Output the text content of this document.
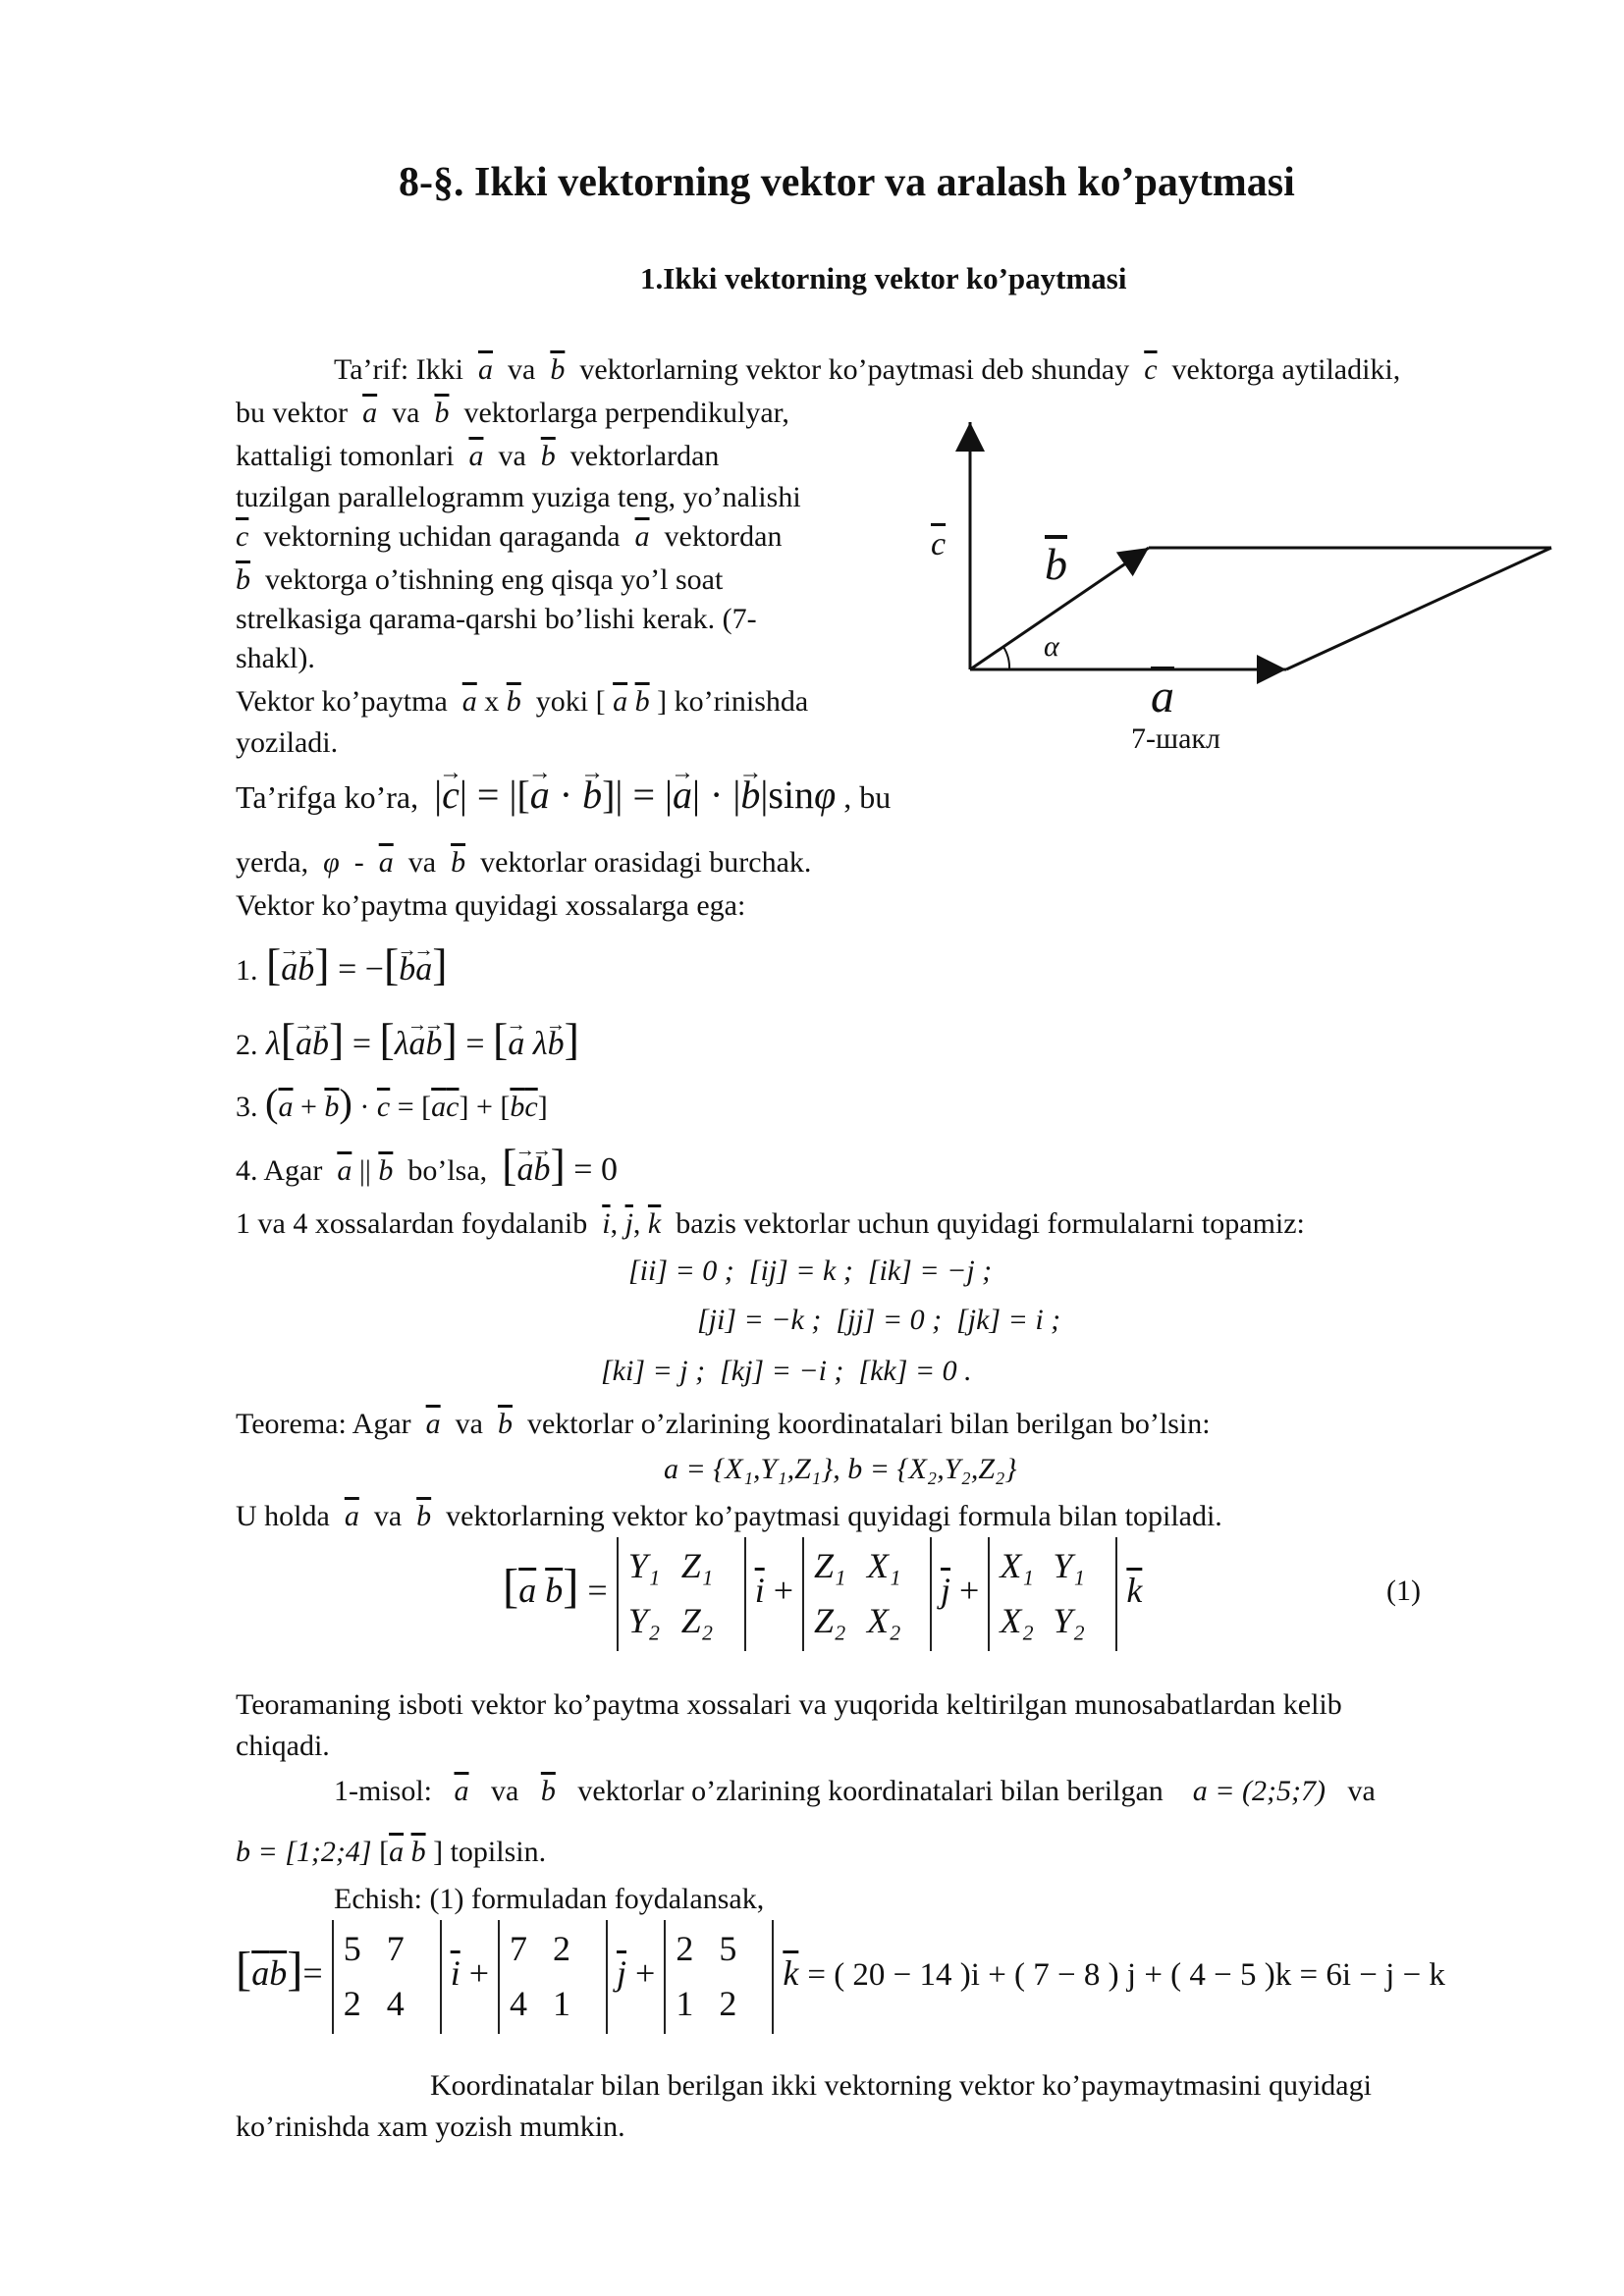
8-§. Ikki vektorning vektor va aralash ko’paytmasi
1.Ikki vektorning vektor ko’paytmasi
Ta’rif: Ikki $\overline{a}$ va $\overline{b}$ vektorlarning vektor ko’paytmasi deb shunday $\overline{c}$ vektorga aytiladiki,
bu vektor $\overline{a}$ va $\overline{b}$ vektorlarga perpendikulyar,
kattaligi tomonlari $\overline{a}$ va $\overline{b}$ vektorlardan
tuzilgan parallelogramm yuziga teng, yo’nalishi
$\overline{c}$ vektorning uchidan qaraganda $\overline{a}$ vektordan
$\overline{b}$ vektorga o’tishning eng qisqa yo’l soat
strelkasiga qarama-qarshi bo’lishi kerak. (7-
shakl).
Vektor ko’paytma $\overline{a}$ x $\overline{b}$ yoki [ $\overline{a}$ $\overline{b}$ ] ko’rinishda
yoziladi.
Ta’rifga ko’ra, |→ c| = |[→ a · → b]| = |→ a| · |→ b|sinφ , bu
yerda, φ - $\overline{a}$ va $\overline{b}$ vektorlar orasidagi burchak.
Vektor ko’paytma quyidagi xossalarga ega:
$\overline{c}$ $\overline{b}$
α
$\overline{a}$
7-шакл
1. [→ a→ b] = −[→ b→ a]
2. λ[→ a→ b] = [λ→ a→ b] = [→ a λ→ b]
3. $(\overline{a} + \overline{b}) \cdot \overline{c} = [\overline{a}\overline{c}] + [\overline{b}\overline{c}]$
4. Agar $\overline{a}$ || $\overline{b}$ bo’lsa, [→ a→ b] = 0
1 va 4 xossalardan foydalanib $\overline{i}$, $\overline{j}$, $\overline{k}$ bazis vektorlar uchun quyidagi formulalarni topamiz:
[ii] = 0 ; [ij] = k ; [ik] = −j ;
[ji] = −k ; [jj] = 0 ; [jk] = i ;
[ki] = j ; [kj] = −i ; [kk] = 0 .
Teorema: Agar $\overline{a}$ va $\overline{b}$ vektorlar o’zlarining koordinatalari bilan berilgan bo’lsin:
a = {X₁,Y₁,Z₁}, b = {X₂,Y₂,Z₂}
U holda $\overline{a}$ va $\overline{b}$ vektorlarning vektor ko’paytmasi quyidagi formula bilan topiladi.
[$\overline{a}$ $\overline{b}$] =
Y₁ Z₁
Y₂ Z₂
$\overline{i}$ +
Z₁ X₁
Z₂ X₂
$\overline{j}$ +
X₁ Y₁
X₂ Y₂
$\overline{k}$	(1)
Teoramaning isboti vektor ko’paytma xossalari va yuqorida keltirilgan munosabatlardan kelib
chiqadi.
1-misol: $\overline{a}$ va $\overline{b}$ vektorlar o’zlarining koordinatalari bilan berilgan a = (2;5;7) va
b = [1;2;4] [$\overline{a}$ $\overline{b}$ ] topilsin.
Echish: (1) formuladan foydalansak,
$[\overline{a}\overline{b}]=$
5 7
2 4
$\overline{i}$ +
7 2
4 1
$\overline{j}$ +
2 5
1 2
$\overline{k}$ = ( 20 − 14 )i + ( 7 − 8 ) j + ( 4 − 5 )k = 6i − j − k
Koordinatalar bilan berilgan ikki vektorning vektor ko’paymaytmasini quyidagi
ko’rinishda xam yozish mumkin.
